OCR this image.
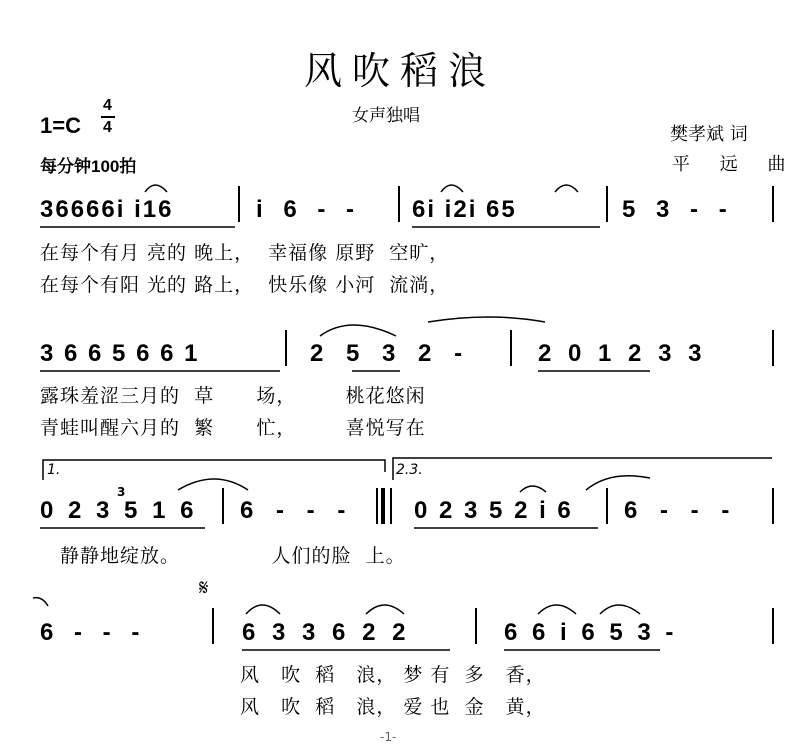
风吹稻浪
女声独唱
1=C
4
4
每分钟100拍
樊孝斌 词
平 远 曲
36666i i16	i 6 - - 6i i2i 65	5 3 - -
在每个有月 亮的 晚上，  幸福像 原野  空旷，
在每个有阳 光的 路上，  快乐像 小河  流淌，
3 6 6 5 6 6 1	2 5 3 2 -	2 0 1 2 3 3
露珠羞涩三月的  草      场，       桃花悠闲
青蛙叫醒六月的  繁      忙，       喜悦写在
1.	2.3.
0 2 3 5 1 6
3
6 - - -	0 2 3 5 2 i 6 6 - - -
静静地绽放。             人们的脸  上。
𝄋
6 - - -	6 3 3 6 2 2	6 6 i 6 5 3 -
风   吹  稻   浪， 梦 有  多   香，
风   吹  稻   浪， 爱 也  金   黄，
-1-
